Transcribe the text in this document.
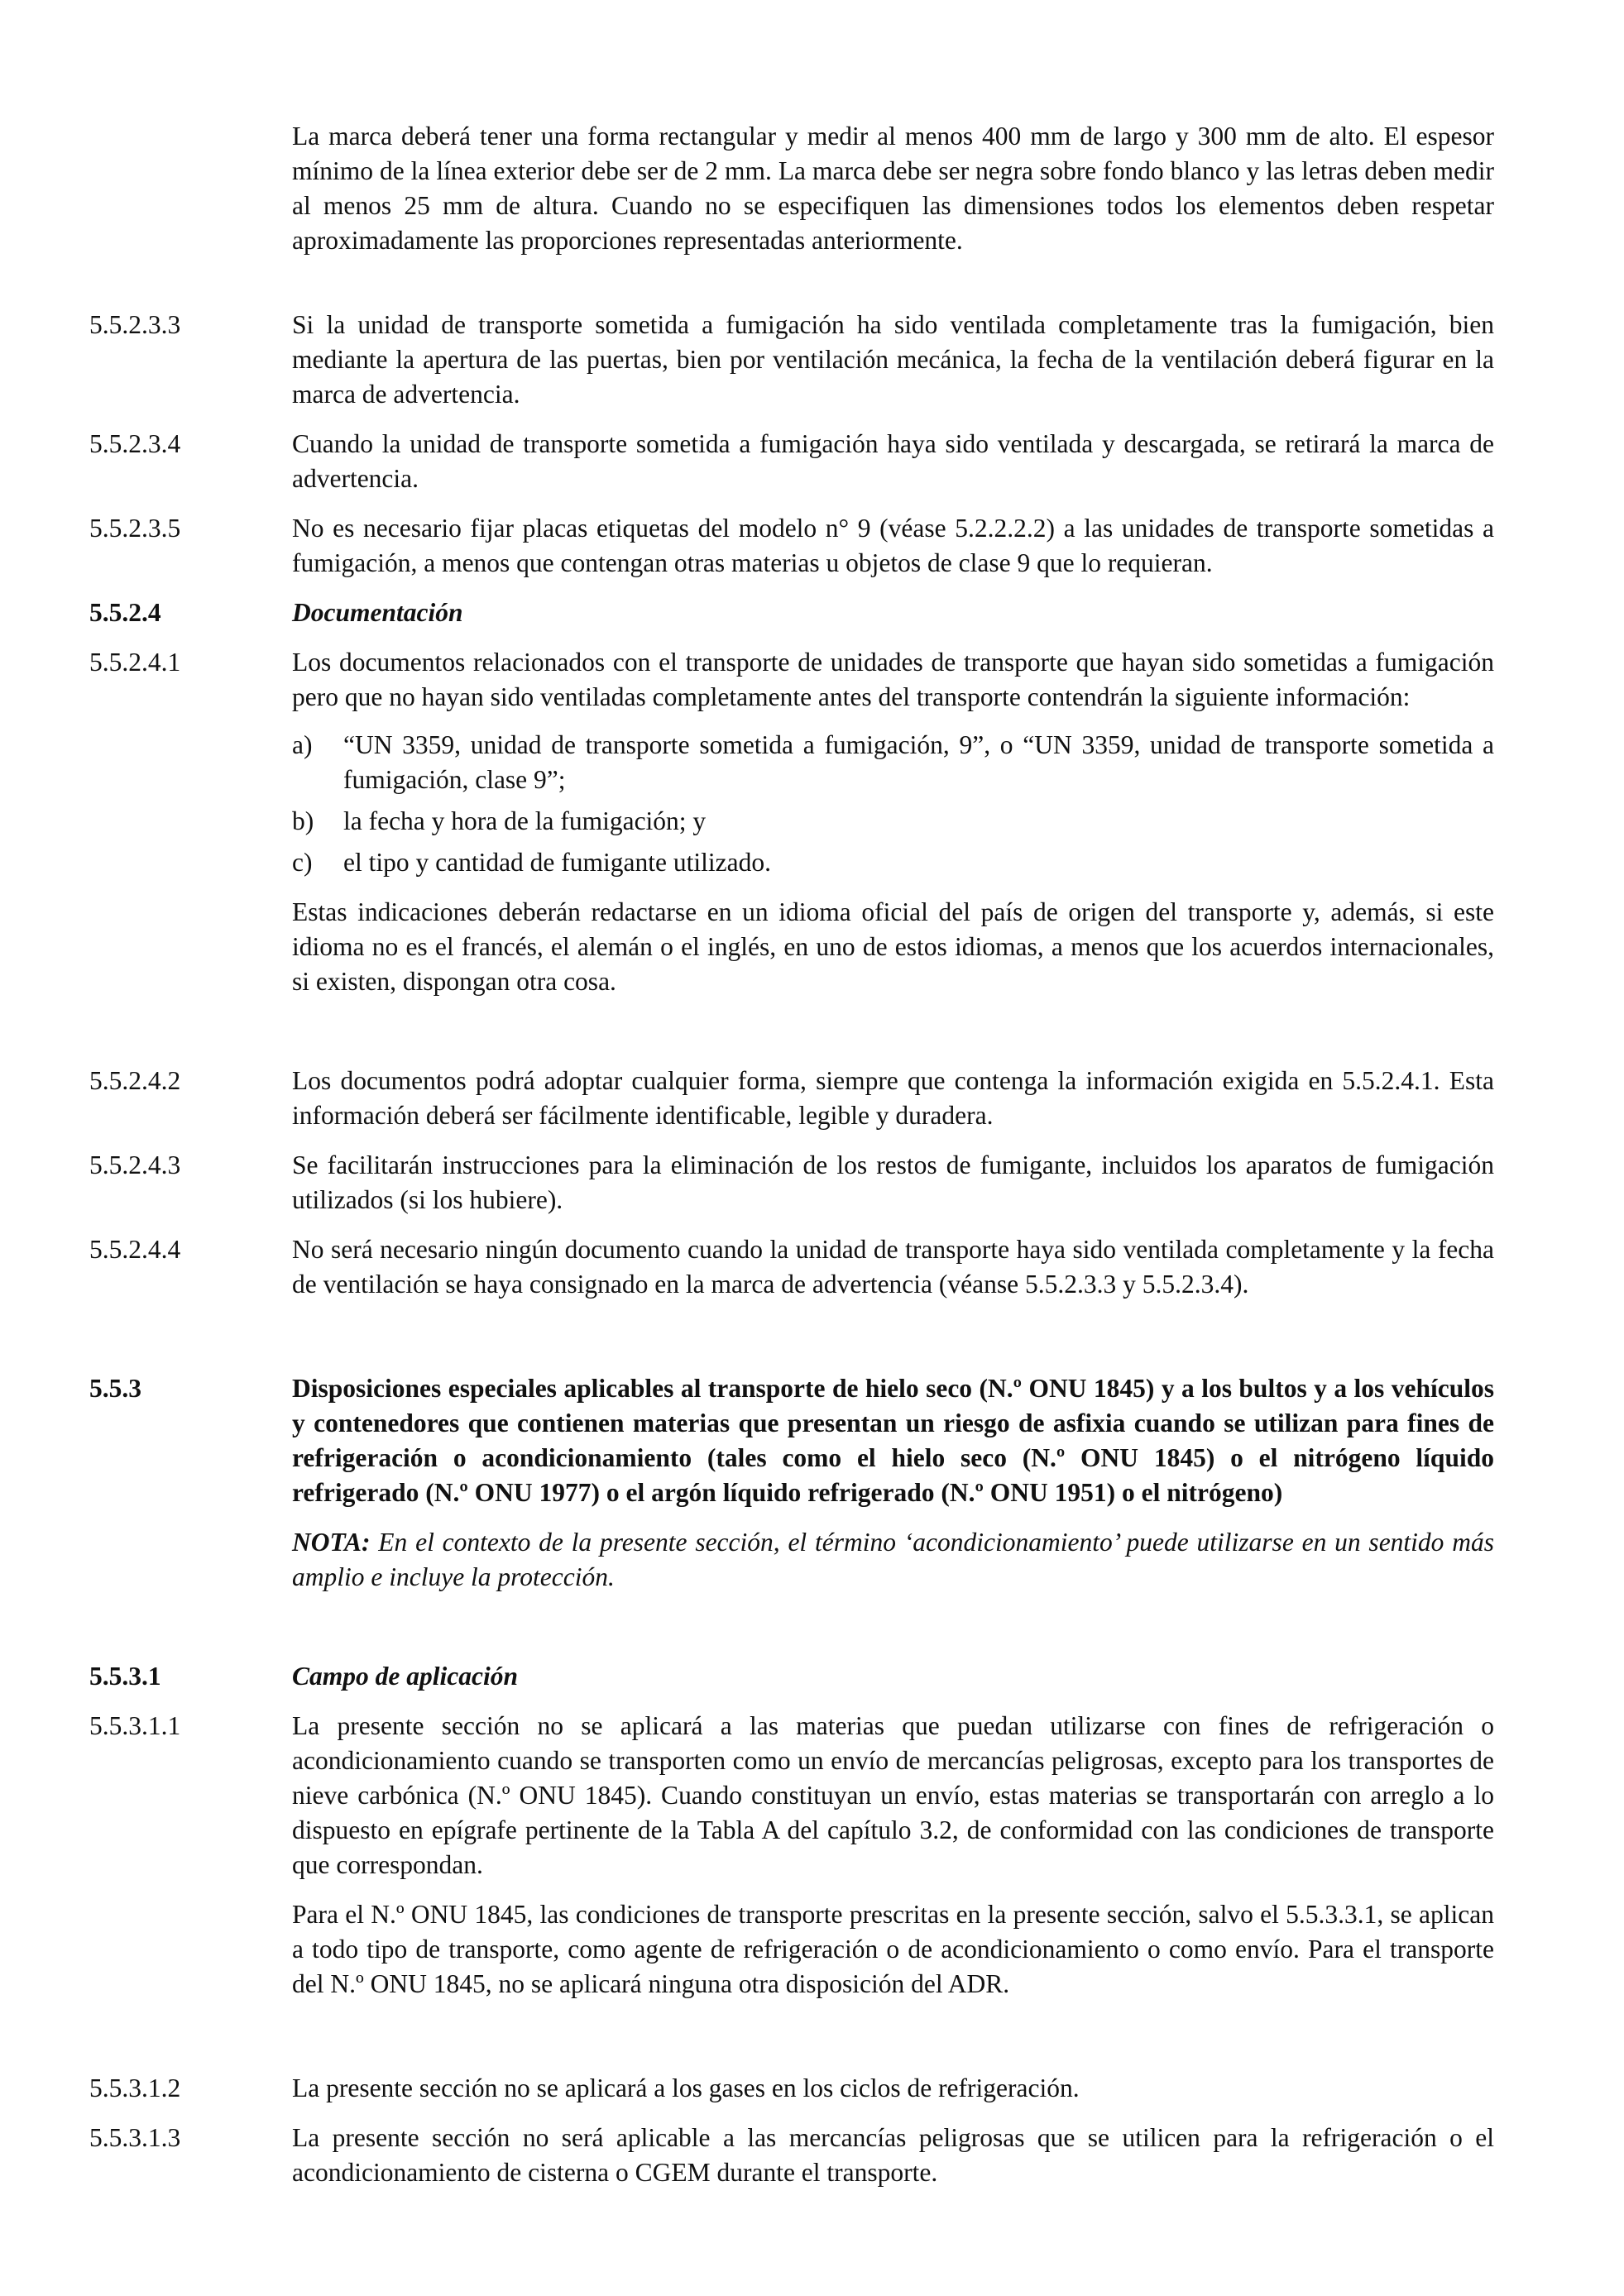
La marca deberá tener una forma rectangular y medir al menos 400 mm de largo y 300 mm de alto. El espesor mínimo de la línea exterior debe ser de 2 mm. La marca debe ser negra sobre fondo blanco y las letras deben medir al menos 25 mm de altura. Cuando no se especifiquen las dimensiones todos los elementos deben respetar aproximadamente las proporciones representadas anteriormente.
5.5.2.3.3	Si la unidad de transporte sometida a fumigación ha sido ventilada completamente tras la fumigación, bien mediante la apertura de las puertas, bien por ventilación mecánica, la fecha de la ventilación deberá figurar en la marca de advertencia.
5.5.2.3.4	Cuando la unidad de transporte sometida a fumigación haya sido ventilada y descargada, se retirará la marca de advertencia.
5.5.2.3.5	No es necesario fijar placas etiquetas del modelo n° 9 (véase 5.2.2.2.2) a las unidades de transporte sometidas a fumigación, a menos que contengan otras materias u objetos de clase 9 que lo requieran.
5.5.2.4	Documentación
5.5.2.4.1	Los documentos relacionados con el transporte de unidades de transporte que hayan sido sometidas a fumigación pero que no hayan sido ventiladas completamente antes del transporte contendrán la siguiente información:
a)	“UN 3359, unidad de transporte sometida a fumigación, 9”, o “UN 3359, unidad de transporte sometida a fumigación, clase 9”;
b)	la fecha y hora de la fumigación; y
c)	el tipo y cantidad de fumigante utilizado.
Estas indicaciones deberán redactarse en un idioma oficial del país de origen del transporte y, además, si este idioma no es el francés, el alemán o el inglés, en uno de estos idiomas, a menos que los acuerdos internacionales, si existen, dispongan otra cosa.
5.5.2.4.2	Los documentos podrá adoptar cualquier forma, siempre que contenga la información exigida en 5.5.2.4.1. Esta información deberá ser fácilmente identificable, legible y duradera.
5.5.2.4.3	Se facilitarán instrucciones para la eliminación de los restos de fumigante, incluidos los aparatos de fumigación utilizados (si los hubiere).
5.5.2.4.4	No será necesario ningún documento cuando la unidad de transporte haya sido ventilada completamente y la fecha de ventilación se haya consignado en la marca de advertencia (véanse 5.5.2.3.3 y 5.5.2.3.4).
5.5.3	Disposiciones especiales aplicables al transporte de hielo seco (N.º ONU 1845) y a los bultos y a los vehículos y contenedores que contienen materias que presentan un riesgo de asfixia cuando se utilizan para fines de refrigeración o acondicionamiento (tales como el hielo seco (N.º ONU 1845) o el nitrógeno líquido refrigerado (N.º ONU 1977) o el argón líquido refrigerado (N.º ONU 1951) o el nitrógeno)
NOTA: En el contexto de la presente sección, el término ‘acondicionamiento’ puede utilizarse en un sentido más amplio e incluye la protección.
5.5.3.1	Campo de aplicación
5.5.3.1.1	La presente sección no se aplicará a las materias que puedan utilizarse con fines de refrigeración o acondicionamiento cuando se transporten como un envío de mercancías peligrosas, excepto para los transportes de nieve carbónica (N.º ONU 1845). Cuando constituyan un envío, estas materias se transportarán con arreglo a lo dispuesto en epígrafe pertinente de la Tabla A del capítulo 3.2, de conformidad con las condiciones de transporte que correspondan.
Para el N.º ONU 1845, las condiciones de transporte prescritas en la presente sección, salvo el 5.5.3.3.1, se aplican a todo tipo de transporte, como agente de refrigeración o de acondicionamiento o como envío. Para el transporte del N.º ONU 1845, no se aplicará ninguna otra disposición del ADR.
5.5.3.1.2	La presente sección no se aplicará a los gases en los ciclos de refrigeración.
5.5.3.1.3	La presente sección no será aplicable a las mercancías peligrosas que se utilicen para la refrigeración o el acondicionamiento de cisterna o CGEM durante el transporte.
